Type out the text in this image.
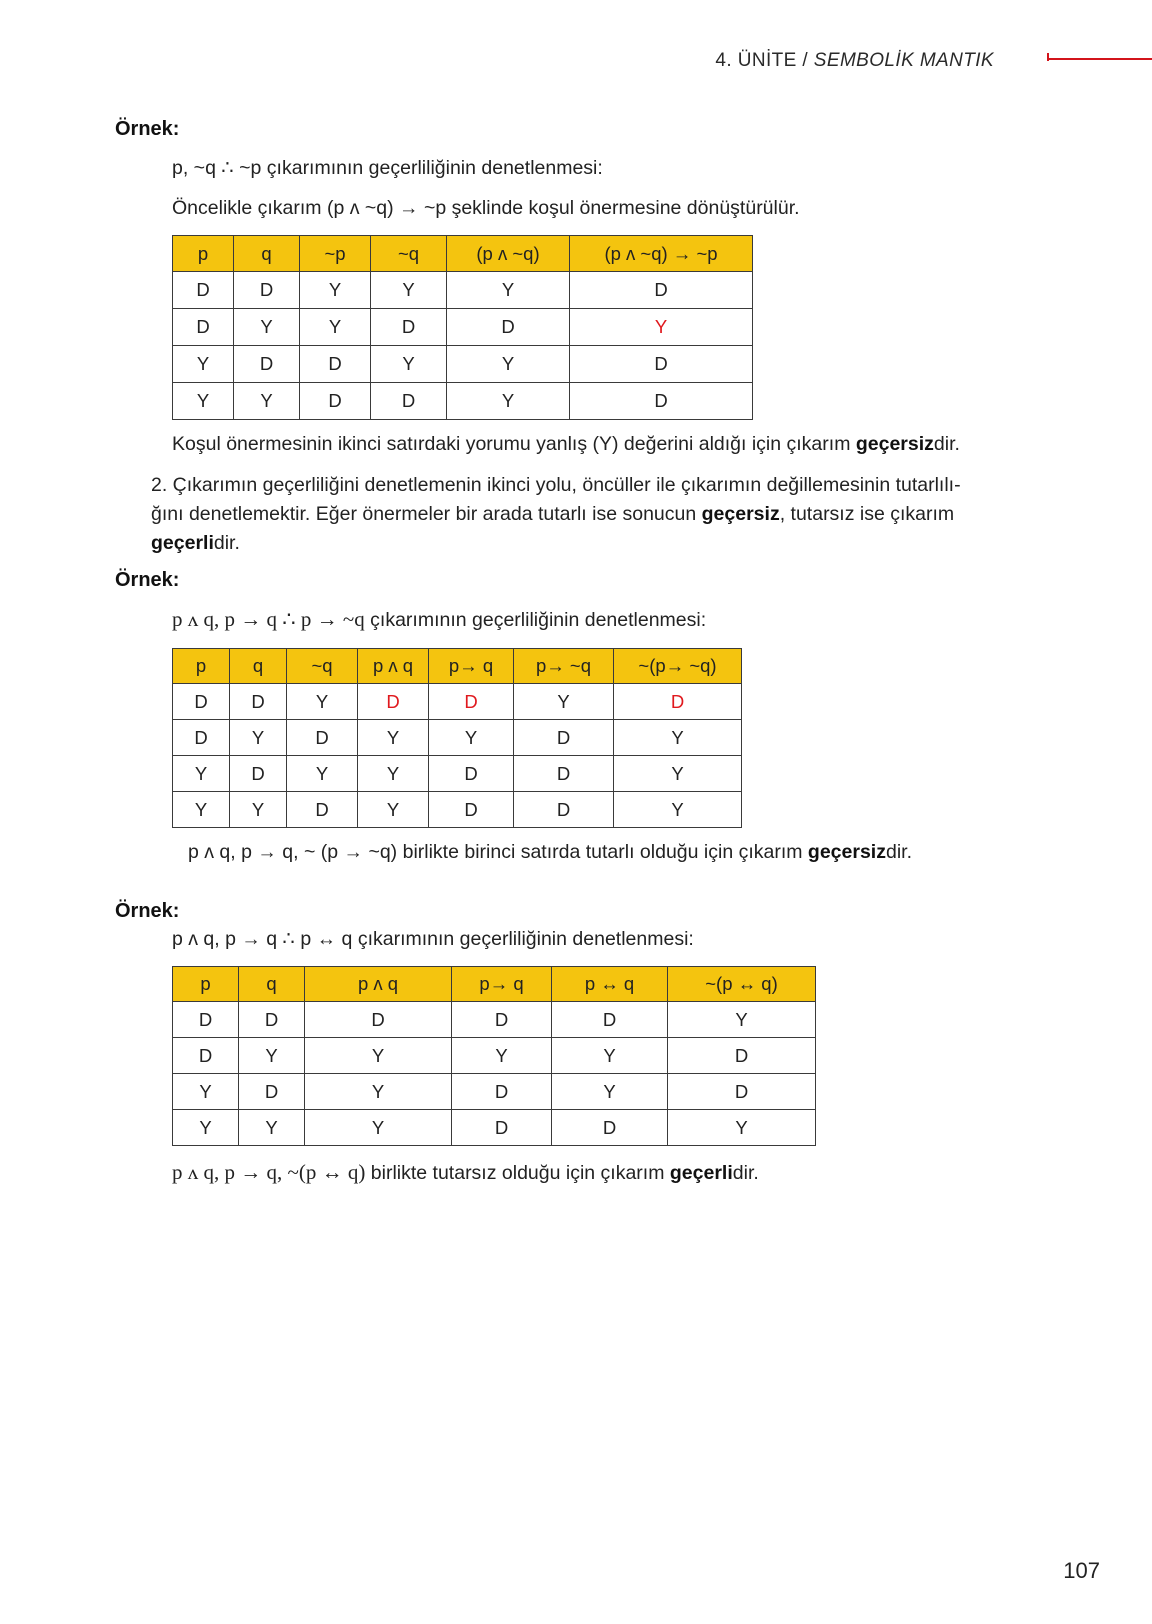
4. ÜNİTE / SEMBOLİK MANTIK
Örnek:
p, ~q ∴ ~p çıkarımının geçerliliğinin denetlenmesi:
Öncelikle çıkarım (p ʌ ~q) → ~p şeklinde koşul önermesine dönüştürülür.
p	q	~p	~q	(p ʌ ~q)	(p ʌ ~q) → ~p
D	D	Y	Y	Y	D
D	Y	Y	D	D	Y
Y	D	D	Y	Y	D
Y	Y	D	D	Y	D
Koşul önermesinin ikinci satırdaki yorumu yanlış (Y) değerini aldığı için çıkarım geçersizdir.
2. Çıkarımın geçerliliğini denetlemenin ikinci yolu, öncüller ile çıkarımın değillemesinin tutarlılı-
ğını denetlemektir. Eğer önermeler bir arada tutarlı ise sonucun geçersiz, tutarsız ise çıkarım
geçerlidir.
Örnek:
p ʌ q, p → q ∴ p → ~q çıkarımının geçerliliğinin denetlenmesi:
p	q	~q	p ʌ q	p→ q	p→ ~q	~(p→ ~q)
D	D	Y	D	D	Y	D
D	Y	D	Y	Y	D	Y
Y	D	Y	Y	D	D	Y
Y	Y	D	Y	D	D	Y
p ʌ q, p → q, ~ (p → ~q) birlikte birinci satırda tutarlı olduğu için çıkarım geçersizdir.
Örnek:
p ʌ q, p → q ∴ p ↔ q çıkarımının geçerliliğinin denetlenmesi:
p	q	p ʌ q	p→ q	p ↔ q	~(p ↔ q)
D	D	D	D	D	Y
D	Y	Y	Y	Y	D
Y	D	Y	D	Y	D
Y	Y	Y	D	D	Y
p ʌ q, p → q, ~(p ↔ q) birlikte tutarsız olduğu için çıkarım geçerlidir.
107
